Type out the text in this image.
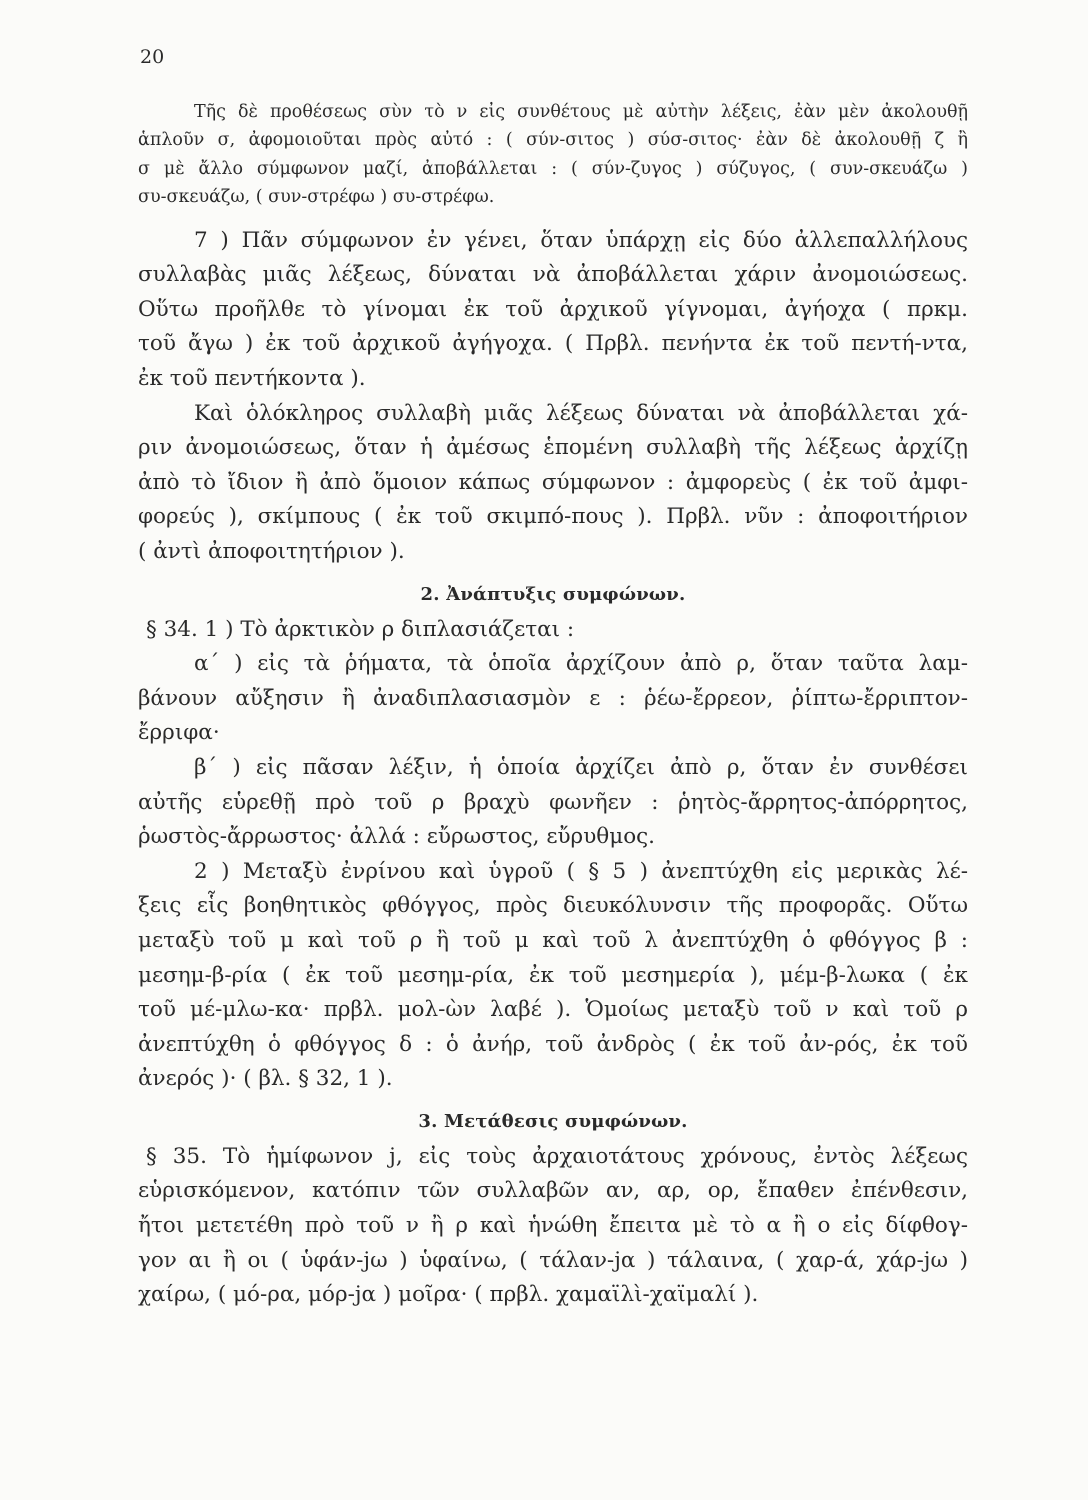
20
Τῆς δὲ προθέσεως σὺν τὸ ν εἰς συνθέτους μὲ αὐτὴν λέξεις, ἐὰν μὲν ἀκολουθῇ
ἁπλοῦν σ, ἀφομοιοῦται πρὸς αὐτό : ( σύν-σιτος ) σύσ-σιτος· ἐὰν δὲ ἀκολουθῇ ζ ἢ
σ μὲ ἄλλο σύμφωνον μαζί, ἀποβάλλεται : ( σύν-ζυγος ) σύζυγος, ( συν-σκευάζω )
συ-σκευάζω, ( συν-στρέφω ) συ-στρέφω.
7 ) Πᾶν σύμφωνον ἐν γένει, ὅταν ὑπάρχῃ εἰς δύο ἀλλεπαλλήλους
συλλαβὰς μιᾶς λέξεως, δύναται νὰ ἀποβάλλεται χάριν ἀνομοιώσεως.
Οὕτω προῆλθε τὸ γίνομαι ἐκ τοῦ ἀρχικοῦ γίγνομαι, ἀγήοχα ( πρκμ.
τοῦ ἄγω ) ἐκ τοῦ ἀρχικοῦ ἀγήγοχα. ( Πρβλ. πενήντα ἐκ τοῦ πεντή-ντα,
ἐκ τοῦ πεντήκοντα ).
Καὶ ὁλόκληρος συλλαβὴ μιᾶς λέξεως δύναται νὰ ἀποβάλλεται χά-
ριν ἀνομοιώσεως, ὅταν ἡ ἀμέσως ἑπομένη συλλαβὴ τῆς λέξεως ἀρχίζῃ
ἀπὸ τὸ ἴδιον ἢ ἀπὸ ὅμοιον κάπως σύμφωνον : ἀμφορεὺς ( ἐκ τοῦ ἀμφι-
φορεύς ), σκίμπους ( ἐκ τοῦ σκιμπό-πους ). Πρβλ. νῦν : ἀποφοιτήριον
( ἀντὶ ἀποφοιτητήριον ).
2. Ἀνάπτυξις συμφώνων.
§ 34. 1 ) Τὸ ἀρκτικὸν ρ διπλασιάζεται :
α΄ ) εἰς τὰ ῥήματα, τὰ ὁποῖα ἀρχίζουν ἀπὸ ρ, ὅταν ταῦτα λαμ-
βάνουν αὔξησιν ἢ ἀναδιπλασιασμὸν ε : ῥέω-ἔρρεον, ῥίπτω-ἔρριπτον-
ἔρριφα·
β΄ ) εἰς πᾶσαν λέξιν, ἡ ὁποία ἀρχίζει ἀπὸ ρ, ὅταν ἐν συνθέσει
αὐτῆς εὑρεθῇ πρὸ τοῦ ρ βραχὺ φωνῆεν : ῥητὸς-ἄρρητος-ἀπόρρητος,
ῥωστὸς-ἄρρωστος· ἀλλά : εὔρωστος, εὔρυθμος.
2 ) Μεταξὺ ἐνρίνου καὶ ὑγροῦ ( § 5 ) ἀνεπτύχθη εἰς μερικὰς λέ-
ξεις εἷς βοηθητικὸς φθόγγος, πρὸς διευκόλυνσιν τῆς προφορᾶς. Οὕτω
μεταξὺ τοῦ μ καὶ τοῦ ρ ἢ τοῦ μ καὶ τοῦ λ ἀνεπτύχθη ὁ φθόγγος β :
μεσημ-β-ρία ( ἐκ τοῦ μεσημ-ρία, ἐκ τοῦ μεσημερία ), μέμ-β-λωκα ( ἐκ
τοῦ μέ-μλω-κα· πρβλ. μολ-ὼν λαβέ ). Ὁμοίως μεταξὺ τοῦ ν καὶ τοῦ ρ
ἀνεπτύχθη ὁ φθόγγος δ : ὁ ἀνήρ, τοῦ ἀνδρὸς ( ἐκ τοῦ ἀν-ρός, ἐκ τοῦ
ἀνερός )· ( βλ. § 32, 1 ).
3. Μετάθεσις συμφώνων.
§ 35. Τὸ ἡμίφωνον j, εἰς τοὺς ἀρχαιοτάτους χρόνους, ἐντὸς λέξεως
εὑρισκόμενον, κατόπιν τῶν συλλαβῶν αν, αρ, ορ, ἔπαθεν ἐπένθεσιν,
ἤτοι μετετέθη πρὸ τοῦ ν ἢ ρ καὶ ἡνώθη ἔπειτα μὲ τὸ α ἢ ο εἰς δίφθογ-
γον αι ἢ οι ( ὑφάν-jω ) ὑφαίνω, ( τάλαν-jα ) τάλαινα, ( χαρ-ά, χάρ-jω )
χαίρω, ( μό-ρα, μόρ-jα ) μοῖρα· ( πρβλ. χαμαϊλὶ-χαϊμαλί ).
